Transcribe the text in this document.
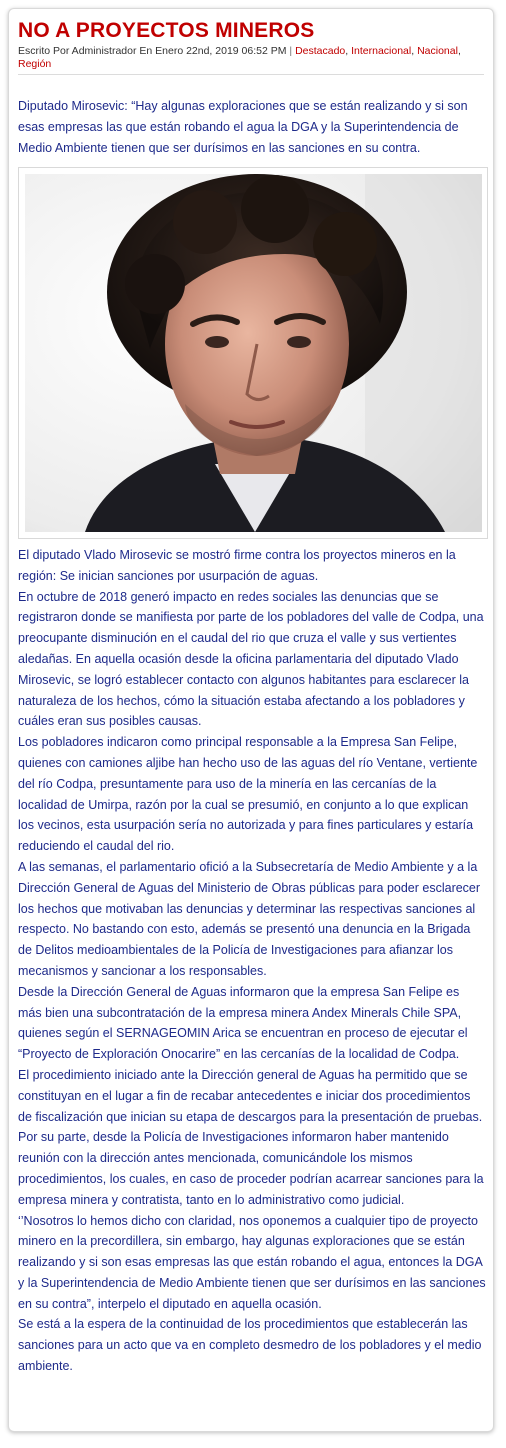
NO A PROYECTOS MINEROS
Escrito Por Administrador En Enero 22nd, 2019 06:52 PM | Destacado, Internacional, Nacional, Región

Diputado Mirosevic: “Hay algunas exploraciones que se están realizando y si son esas empresas las que están robando el agua la DGA y la Superintendencia de Medio Ambiente tienen que ser durísimos en las sanciones en su contra.

El diputado Vlado Mirosevic se mostró firme contra los proyectos mineros en la región: Se inician sanciones por usurpación de aguas.

En octubre de 2018 generó impacto en redes sociales las denuncias que se registraron donde se manifiesta por parte de los pobladores del valle de Codpa, una preocupante disminución en el caudal del rio que cruza el valle y sus vertientes aledañas. En aquella ocasión desde la oficina parlamentaria del diputado Vlado Mirosevic, se logró establecer contacto con algunos habitantes para esclarecer la naturaleza de los hechos, cómo la situación estaba afectando a los pobladores y cuáles eran sus posibles causas.

Los pobladores indicaron como principal responsable a la Empresa San Felipe, quienes con camiones aljibe han hecho uso de las aguas del río Ventane, vertiente del río Codpa, presuntamente para uso de la minería en las cercanías de la localidad de Umirpa, razón por la cual se presumió, en conjunto a lo que explican los vecinos, esta usurpación sería no autorizada y para fines particulares y estaría reduciendo el caudal del rio.

A las semanas, el parlamentario ofició a la Subsecretaría de Medio Ambiente y a la Dirección General de Aguas del Ministerio de Obras públicas para poder esclarecer los hechos que motivaban las denuncias y determinar las respectivas sanciones al respecto. No bastando con esto, además se presentó una denuncia en la Brigada de Delitos medioambientales de la Policía de Investigaciones para afianzar los mecanismos y sancionar a los responsables.

Desde la Dirección General de Aguas informaron que la empresa San Felipe es más bien una subcontratación de la empresa minera Andex Minerals Chile SPA, quienes según el SERNAGEOMIN Arica se encuentran en proceso de ejecutar el “Proyecto de Exploración Onocarire” en las cercanías de la localidad de Codpa.

El procedimiento iniciado ante la Dirección general de Aguas ha permitido que se constituyan en el lugar a fin de recabar antecedentes e iniciar dos procedimientos de fiscalización que inician su etapa de descargos para la presentación de pruebas. Por su parte, desde la Policía de Investigaciones informaron haber mantenido reunión con la dirección antes mencionada, comunicándole los mismos procedimientos, los cuales, en caso de proceder podrían acarrear sanciones para la empresa minera y contratista, tanto en lo administrativo como judicial.

‘’Nosotros lo hemos dicho con claridad, nos oponemos a cualquier tipo de proyecto minero en la precordillera, sin embargo, hay algunas exploraciones que se están realizando y si son esas empresas las que están robando el agua, entonces la DGA y la Superintendencia de Medio Ambiente tienen que ser durísimos en las sanciones en su contra”, interpelo el diputado en aquella ocasión.

Se está a la espera de la continuidad de los procedimientos que establecerán las sanciones para un acto que va en completo desmedro de los pobladores y el medio ambiente.
